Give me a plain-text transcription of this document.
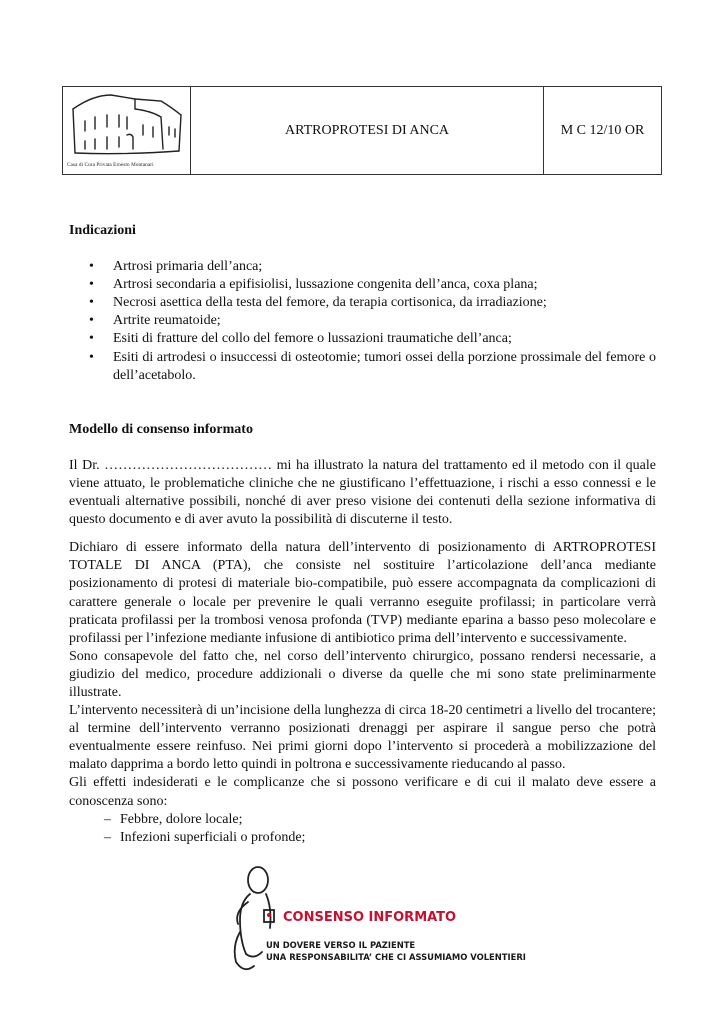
Casa di Cura Privata Ernesto Montanari
ARTROPROTESI DI ANCA	M C 12/10 OR
Indicazioni
• Artrosi primaria dell’anca;
• Artrosi secondaria a epifisiolisi, lussazione congenita dell’anca, coxa plana;
• Necrosi asettica della testa del femore, da terapia cortisonica, da irradiazione;
• Artrite reumatoide;
• Esiti di fratture del collo del femore o lussazioni traumatiche dell’anca;
• Esiti di artrodesi o insuccessi di osteotomie; tumori ossei della porzione prossimale del femore o dell’acetabolo.
Modello di consenso informato

Il Dr. ……………………………… mi ha illustrato la natura del trattamento ed il metodo con il quale viene attuato, le problematiche cliniche che ne giustificano l’effettuazione, i rischi a esso connessi e le eventuali alternative possibili, nonché di aver preso visione dei contenuti della sezione informativa di questo documento e di aver avuto la possibilità di discuterne il testo.

Dichiaro di essere informato della natura dell’intervento di posizionamento di ARTROPROTESI TOTALE DI ANCA (PTA), che consiste nel sostituire l’articolazione dell’anca mediante posizionamento di protesi di materiale bio-compatibile, può essere accompagnata da complicazioni di carattere generale o locale per prevenire le quali verranno eseguite profilassi; in particolare verrà praticata profilassi per la trombosi venosa profonda (TVP) mediante eparina a basso peso molecolare e profilassi per l’infezione mediante infusione di antibiotico prima dell’intervento e successivamente.

Sono consapevole del fatto che, nel corso dell’intervento chirurgico, possano rendersi necessarie, a giudizio del medico, procedure addizionali o diverse da quelle che mi sono state preliminarmente illustrate.

L’intervento necessiterà di un’incisione della lunghezza di circa 18-20 centimetri a livello del trocantere; al termine dell’intervento verranno posizionati drenaggi per aspirare il sangue perso che potrà eventualmente essere reinfuso. Nei primi giorni dopo l’intervento si procederà a mobilizzazione del malato dapprima a bordo letto quindi in poltrona e successivamente rieducando al passo.

Gli effetti indesiderati e le complicanze che si possono verificare e di cui il malato deve essere a conoscenza sono:

– Febbre, dolore locale;
– Infezioni superficiali o profonde;
CONSENSO INFORMATO
UN DOVERE VERSO IL PAZIENTE
UNA RESPONSABILITA’ CHE CI ASSUMIAMO VOLENTIERI
